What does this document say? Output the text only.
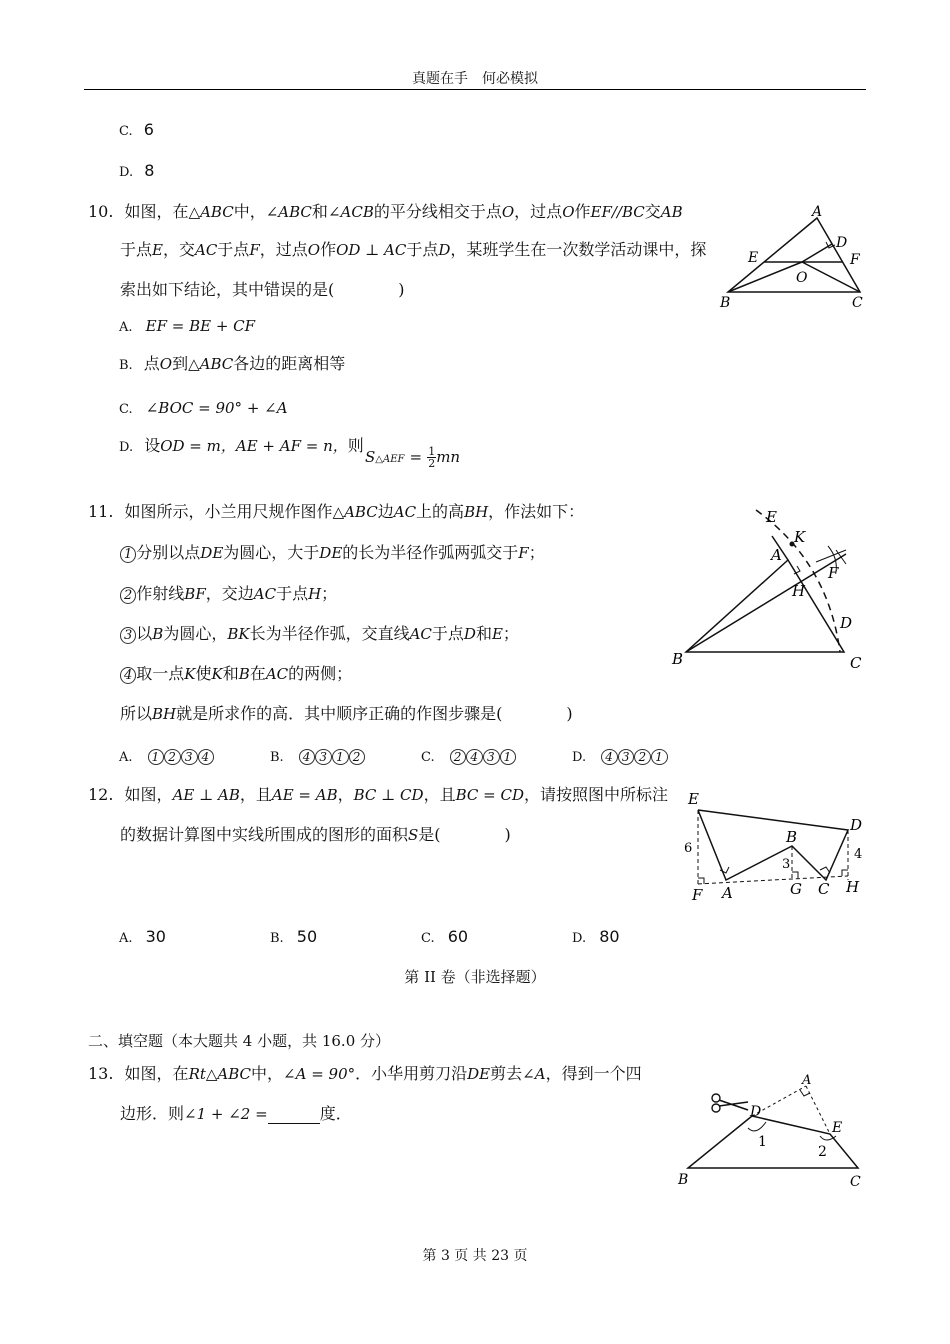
真题在手　何必模拟
C. 6
D. 8
10. 如图，在△ABC中，∠ABC和∠ACB的平分线相交于点O，过点O作EF//BC交AB
于点E，交AC于点F，过点O作OD ⊥ AC于点D，某班学生在一次数学活动课中，探
索出如下结论，其中错误的是(　　　　)
A. EF = BE + CF
B. 点O到△ABC各边的距离相等
C. ∠BOC = 90° + ∠A
D. 设OD = m，AE + AF = n，则
S△AEF = $\frac{1}{2}$ mn
A
B	C
D
E	F
O
11. 如图所示，小兰用尺规作图作△ABC边AC上的高BH，作法如下：
1 分别以点DE为圆心，大于DE的长为半径作弧两弧交于F；
2 作射线BF，交边AC于点H；
3 以B为圆心，BK长为半径作弧，交直线AC于点D和E；
4 取一点K使K和B在AC的两侧；
所以BH就是所求作的高．其中顺序正确的作图步骤是(　　　　)
A. 1 2 3 4	B. 4 3 1 2	C. 2 4 3 1	D. 4 3 2 1
E
K
A
H
F
D
B	C
12. 如图，AE ⊥ AB，且AE = AB，BC ⊥ CD，且BC = CD，请按照图中所标注
的数据计算图中实线所围成的图形的面积S是(　　　　)
A. 30	B. 50	C. 60	D. 80
E
D
B
F A	G C H
6	4
3
第 II 卷（非选择题）
二、填空题（本大题共 4 小题，共 16.0 分）
13. 如图，在Rt△ABC中，∠A = 90°．小华用剪刀沿DE剪去∠A，得到一个四
边形．则∠1 + ∠2 =	度．
A
D
E
B	C
1
2
第 3 页 共 23 页
